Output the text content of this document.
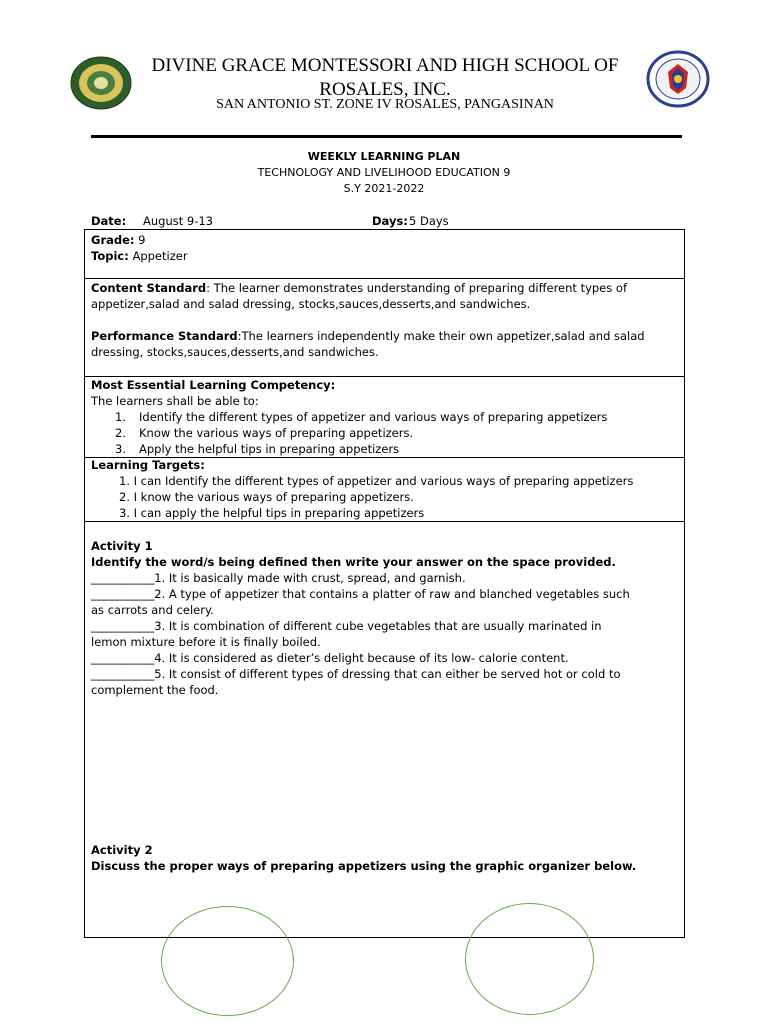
DIVINE GRACE MONTESSORI AND HIGH SCHOOL OF
ROSALES, INC.
SAN ANTONIO ST. ZONE IV ROSALES, PANGASINAN
WEEKLY LEARNING PLAN
TECHNOLOGY AND LIVELIHOOD EDUCATION 9
S.Y 2021-2022
Date: August 9-13	Days: 5 Days
Grade: 9
Topic: Appetizer
Content Standard: The learner demonstrates understanding of preparing different types of
appetizer,salad and salad dressing, stocks,sauces,desserts,and sandwiches.
Performance Standard:The learners independently make their own appetizer,salad and salad
dressing, stocks,sauces,desserts,and sandwiches.
Most Essential Learning Competency:
The learners shall be able to:
1. Identify the different types of appetizer and various ways of preparing appetizers
2. Know the various ways of preparing appetizers.
3. Apply the helpful tips in preparing appetizers
Learning Targets:
1. I can Identify the different types of appetizer and various ways of preparing appetizers
2. I know the various ways of preparing appetizers.
3. I can apply the helpful tips in preparing appetizers
Activity 1
Identify the word/s being defined then write your answer on the space provided.
___________1. It is basically made with crust, spread, and garnish.
___________2. A type of appetizer that contains a platter of raw and blanched vegetables such
as carrots and celery.
___________3. It is combination of different cube vegetables that are usually marinated in
lemon mixture before it is finally boiled.
___________4. It is considered as dieter’s delight because of its low- calorie content.
___________5. It consist of different types of dressing that can either be served hot or cold to
complement the food.
Activity 2
Discuss the proper ways of preparing appetizers using the graphic organizer below.
